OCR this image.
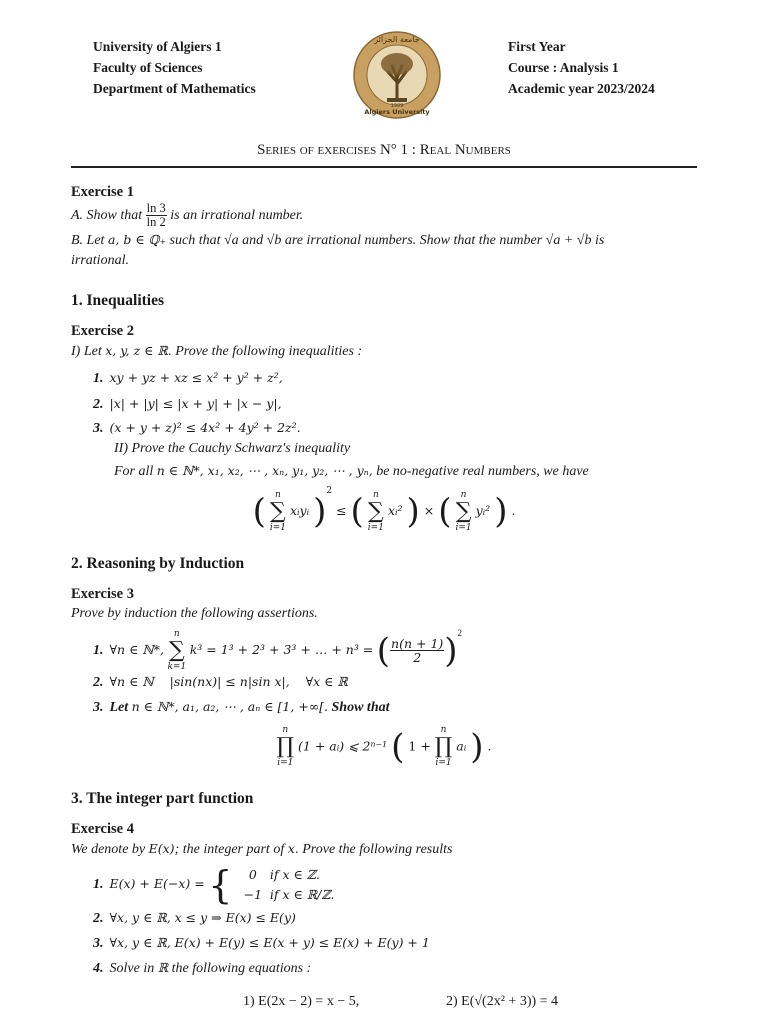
University of Algiers 1
Faculty of Sciences
Department of Mathematics
جامعة الجزائر
Algiers University
1909
First Year
Course : Analysis 1
Academic year 2023/2024
Series of exercises N° 1 : Real Numbers
Exercise 1
A. Show that $\frac{\ln 3}{\ln 2}$ is an irrational number.
B. Let a, b ∈ ℚ₊ such that √a and √b are irrational numbers. Show that the number √a + √b is
irrational.
1. Inequalities
Exercise 2
I) Let x, y, z ∈ ℝ. Prove the following inequalities :
1. xy + yz + xz ≤ x² + y² + z²,
2. |x| + |y| ≤ |x + y| + |x − y|,
3. (x + y + z)² ≤ 4x² + 4y² + 2z².
II) Prove the Cauchy Schwarz's inequality
For all n ∈ ℕ*, x₁, x₂, ⋯ , xₙ, y₁, y₂, ⋯ , yₙ, be no-negative real numbers, we have
(	n
∑
i=1
xᵢyᵢ )$^2$ ≤ (	n
∑
i=1
xᵢ² ) × (	n
∑
i=1
yᵢ² ) .
2. Reasoning by Induction
Exercise 3
Prove by induction the following assertions.
1. ∀n ∈ ℕ*,
n
∑
k=1
k³ = 1³ + 2³ + 3³ + … + n³ = ( $\frac{n(n + 1)}{2} )^2$
2. ∀n ∈ ℕ    |sin(nx)| ≤ n|sin x|,    ∀x ∈ ℝ
3. Let n ∈ ℕ*, a₁, a₂, ⋯ , aₙ ∈ [1, +∞[. Show that
n
∏
i=1
(1 + aᵢ) ⩽ 2ⁿ⁻¹ ( 1 +
n
∏
i=1
aᵢ ) .
3. The integer part function
Exercise 4
We denote by E(x); the integer part of x. Prove the following results
1. E(x) + E(−x) = {	0 if x ∈ ℤ.
−1 if x ∈ ℝ/ℤ.
2. ∀x, y ∈ ℝ, x ≤ y ⇒ E(x) ≤ E(y)
3. ∀x, y ∈ ℝ, E(x) + E(y) ≤ E(x + y) ≤ E(x) + E(y) + 1
4. Solve in ℝ the following equations :
1) E(2x − 2) = x − 5,	2) E(√(2x² + 3)) = 4
